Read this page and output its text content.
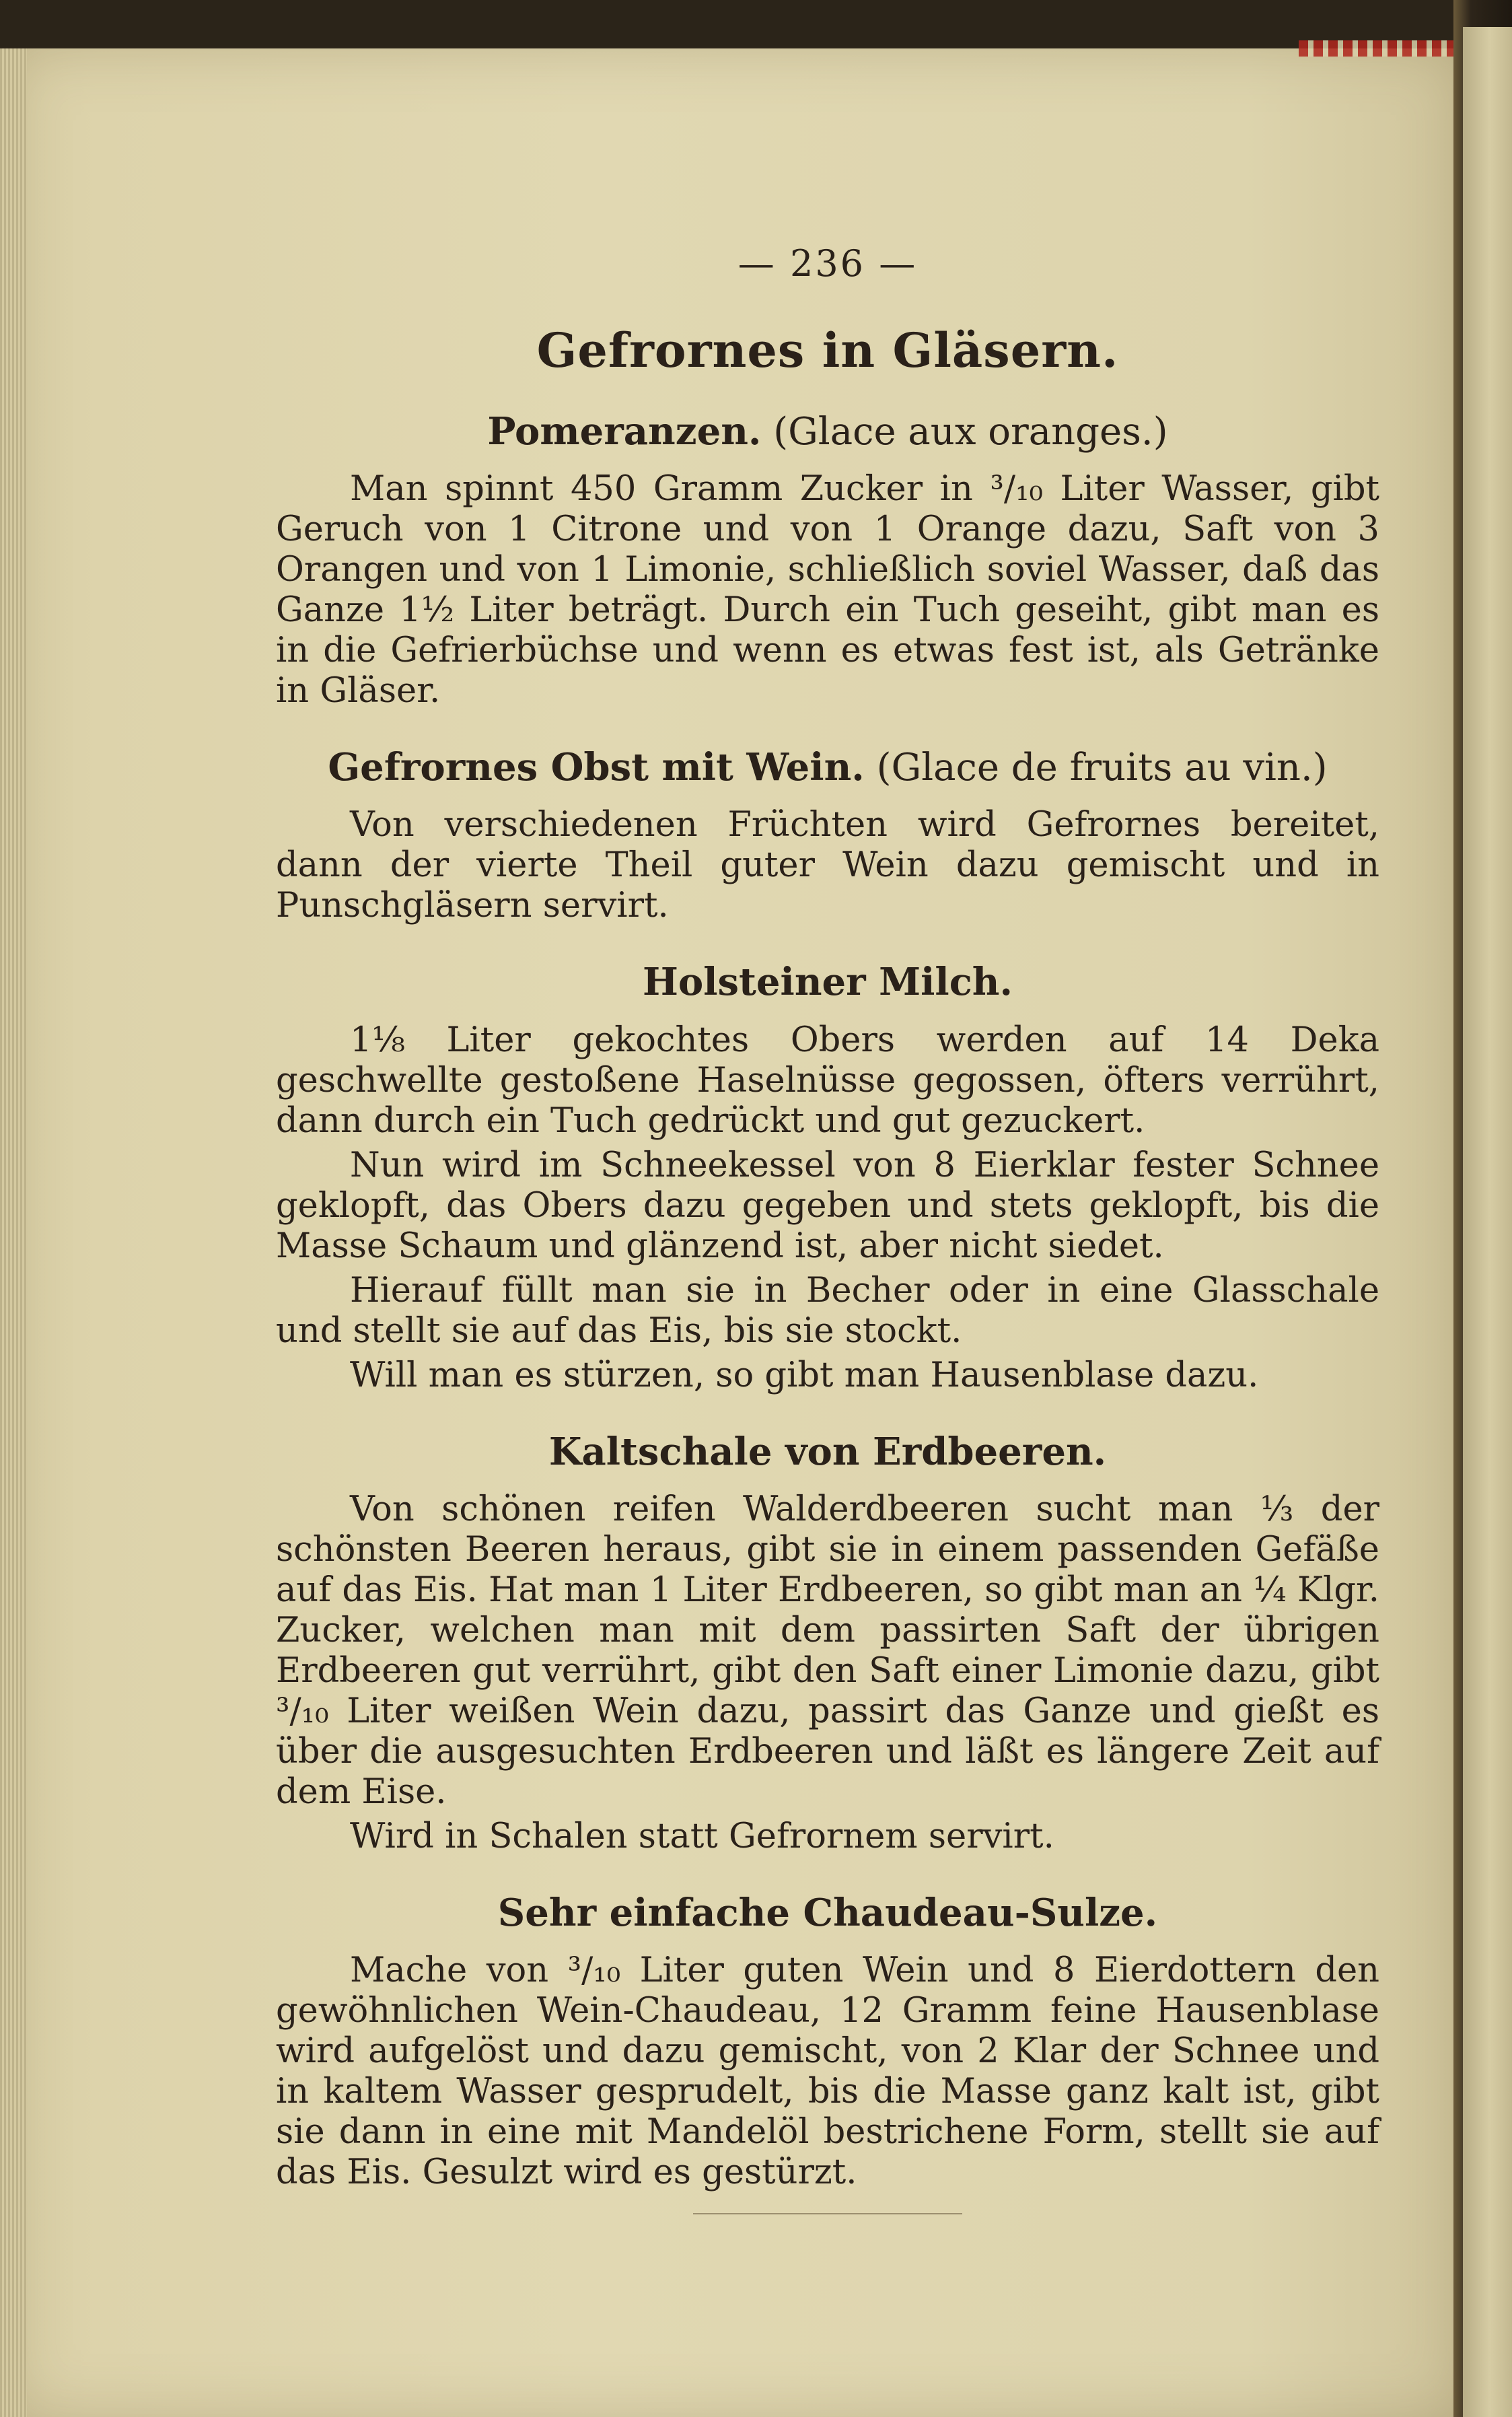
— 236 —
Gefrornes in Gläsern.
Pomeranzen. (Glace aux oranges.)

Man spinnt 450 Gramm Zucker in ³/₁₀ Liter Wasser, gibt Geruch von 1 Citrone und von 1 Orange dazu, Saft von 3 Orangen und von 1 Limonie, schließlich soviel Wasser, daß das Ganze 1½ Liter beträgt. Durch ein Tuch geseiht, gibt man es in die Gefrierbüchse und wenn es etwas fest ist, als Getränke in Gläser.

Gefrornes Obst mit Wein. (Glace de fruits au vin.)

Von verschiedenen Früchten wird Gefrornes bereitet, dann der vierte Theil guter Wein dazu gemischt und in Punschgläsern servirt.

Holsteiner Milch.

1⅛ Liter gekochtes Obers werden auf 14 Deka geschwellte gestoßene Haselnüsse gegossen, öfters verrührt, dann durch ein Tuch gedrückt und gut gezuckert.

Nun wird im Schneekessel von 8 Eierklar fester Schnee geklopft, das Obers dazu gegeben und stets geklopft, bis die Masse Schaum und glänzend ist, aber nicht siedet.

Hierauf füllt man sie in Becher oder in eine Glasschale und stellt sie auf das Eis, bis sie stockt.

Will man es stürzen, so gibt man Hausenblase dazu.

Kaltschale von Erdbeeren.

Von schönen reifen Walderdbeeren sucht man ⅓ der schönsten Beeren heraus, gibt sie in einem passenden Gefäße auf das Eis. Hat man 1 Liter Erdbeeren, so gibt man an ¼ Klgr. Zucker, welchen man mit dem passirten Saft der übrigen Erdbeeren gut verrührt, gibt den Saft einer Limonie dazu, gibt ³/₁₀ Liter weißen Wein dazu, passirt das Ganze und gießt es über die ausgesuchten Erdbeeren und läßt es längere Zeit auf dem Eise.

Wird in Schalen statt Gefrornem servirt.

Sehr einfache Chaudeau-Sulze.

Mache von ³/₁₀ Liter guten Wein und 8 Eierdottern den gewöhnlichen Wein-Chaudeau, 12 Gramm feine Hausenblase wird aufgelöst und dazu gemischt, von 2 Klar der Schnee und in kaltem Wasser gesprudelt, bis die Masse ganz kalt ist, gibt sie dann in eine mit Mandelöl bestrichene Form, stellt sie auf das Eis. Gesulzt wird es gestürzt.
